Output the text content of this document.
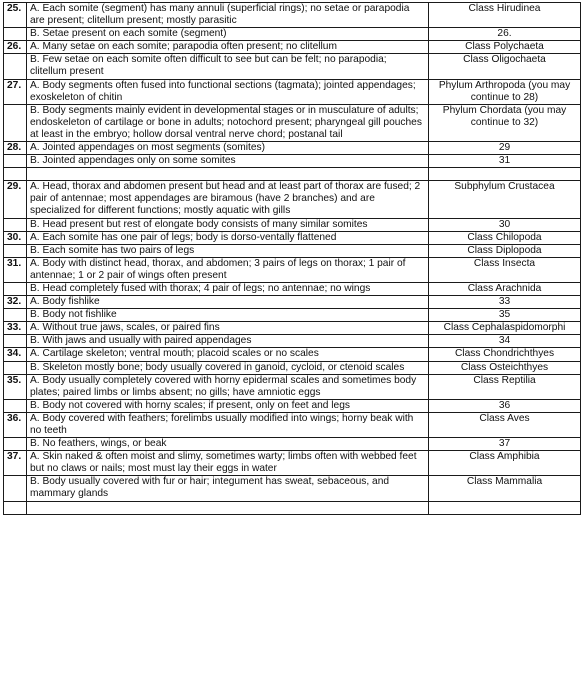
25.	A. Each somite (segment) has many annuli (superficial rings); no setae or parapodia are present; clitellum present; mostly parasitic	Class Hirudinea
	B. Setae present on each somite (segment)	26.
26.	A. Many setae on each somite; parapodia often present; no clitellum	Class Polychaeta
	B. Few setae on each somite often difficult to see but can be felt; no parapodia; clitellum present	Class Oligochaeta
27.	A. Body segments often fused into functional sections (tagmata); jointed appendages; exoskeleton of chitin	Phylum Arthropoda (you may continue to 28)
	B. Body segments mainly evident in developmental stages or in musculature of adults; endoskeleton of cartilage or bone in adults; notochord present; pharyngeal gill pouches at least in the embryo; hollow dorsal ventral nerve chord; postanal tail	Phylum Chordata (you may continue to 32)
28.	A. Jointed appendages on most segments (somites)	29
	B. Jointed appendages only on some somites	31

29.	A. Head, thorax and abdomen present but head and at least part of thorax are fused; 2 pair of antennae; most appendages are biramous (have 2 branches) and are specialized for different functions; mostly aquatic with gills	Subphylum Crustacea
	B. Head present but rest of elongate body consists of many similar somites	30
30.	A. Each somite has one pair of legs; body is dorso-ventally flattened	Class Chilopoda
	B. Each somite has two pairs of legs	Class Diplopoda
31.	A. Body with distinct head, thorax, and abdomen; 3 pairs of legs on thorax; 1 pair of antennae; 1 or 2 pair of wings often present	Class Insecta
	B. Head completely fused with thorax; 4 pair of legs; no antennae; no wings	Class Arachnida
32.	A. Body fishlike	33
	B. Body not fishlike	35
33.	A. Without true jaws, scales, or paired fins	Class Cephalaspidomorphi
	B. With jaws and usually with paired appendages	34
34.	A. Cartilage skeleton; ventral mouth; placoid scales or no scales	Class Chondrichthyes
	B. Skeleton mostly bone; body usually covered in ganoid, cycloid, or ctenoid scales	Class Osteichthyes
35.	A. Body usually completely covered with horny epidermal scales and sometimes body plates; paired limbs or limbs absent; no gills; have amniotic eggs	Class Reptilia
	B. Body not covered with horny scales; if present, only on feet and legs	36
36.	A. Body covered with feathers; forelimbs usually modified into wings; horny beak with no teeth	Class Aves
	B. No feathers, wings, or beak	37
37.	A. Skin naked & often moist and slimy, sometimes warty; limbs often with webbed feet but no claws or nails; most must lay their eggs in water	Class Amphibia
	B. Body usually covered with fur or hair; integument has sweat, sebaceous, and mammary glands	Class Mammalia
